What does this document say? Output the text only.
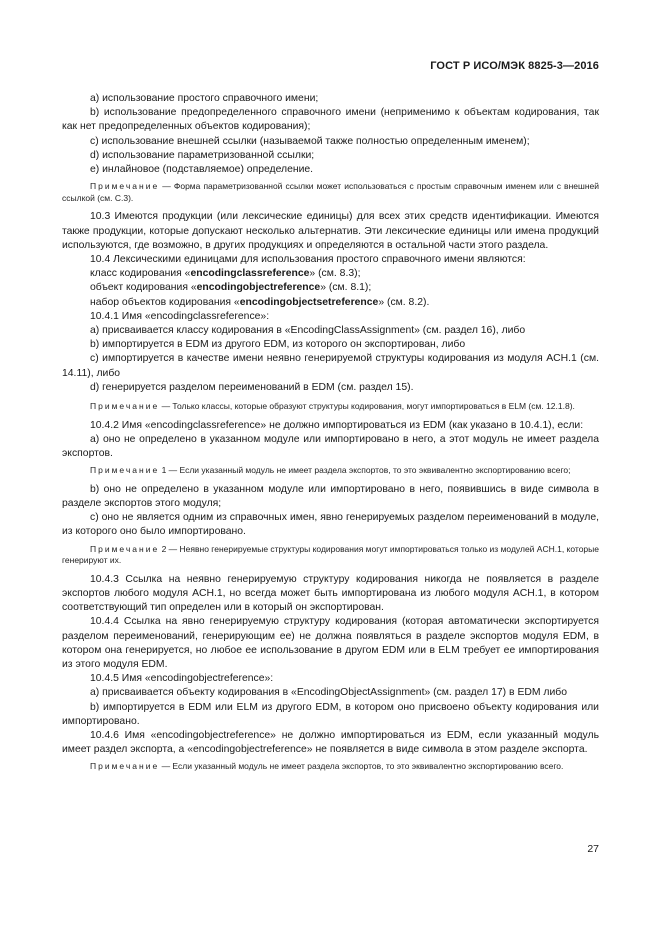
ГОСТ Р ИСО/МЭК 8825-3—2016

a) использование простого справочного имени;

b) использование предопределенного справочного имени (неприменимо к объектам кодирования, так как нет предопределенных объектов кодирования);

c) использование внешней ссылки (называемой также полностью определенным именем);

d) использование параметризованной ссылки;

e) инлайновое (подставляемое) определение.

Примечание — Форма параметризованной ссылки может использоваться с простым справочным именем или с внешней ссылкой (см. С.3).

10.3 Имеются продукции (или лексические единицы) для всех этих средств идентификации. Имеются также продукции, которые допускают несколько альтернатив. Эти лексические единицы или имена продукций используются, где возможно, в других продукциях и определяются в остальной части этого раздела.

10.4 Лексическими единицами для использования простого справочного имени являются:

класс кодирования «encodingclassreference» (см. 8.3);

объект кодирования «encodingobjectreference» (см. 8.1);

набор объектов кодирования «encodingobjectsetreference» (см. 8.2).

10.4.1 Имя «encodingclassreference»:

a) присваивается классу кодирования в «EncodingClassAssignment» (см. раздел 16), либо

b) импортируется в EDM из другого EDM, из которого он экспортирован, либо

c) импортируется в качестве имени неявно генерируемой структуры кодирования из модуля ACH.1 (см. 14.11), либо

d) генерируется разделом переименований в EDM (см. раздел 15).

Примечание — Только классы, которые образуют структуры кодирования, могут импортироваться в ELM (см. 12.1.8).

10.4.2 Имя «encodingclassreference» не должно импортироваться из EDM (как указано в 10.4.1), если:

a) оно не определено в указанном модуле или импортировано в него, а этот модуль не имеет раздела экспортов.

Примечание 1 — Если указанный модуль не имеет раздела экспортов, то это эквивалентно экспортированию всего;

b) оно не определено в указанном модуле или импортировано в него, появившись в виде символа в разделе экспортов этого модуля;

c) оно не является одним из справочных имен, явно генерируемых разделом переименований в модуле, из которого оно было импортировано.

Примечание 2 — Неявно генерируемые структуры кодирования могут импортироваться только из модулей ACH.1, которые генерируют их.

10.4.3 Ссылка на неявно генерируемую структуру кодирования никогда не появляется в разделе экспортов любого модуля ACH.1, но всегда может быть импортирована из любого модуля ACH.1, в котором соответствующий тип определен или в который он экспортирован.

10.4.4 Ссылка на явно генерируемую структуру кодирования (которая автоматически экспортируется разделом переименований, генерирующим ее) не должна появляться в разделе экспортов модуля EDM, в котором она генерируется, но любое ее использование в другом EDM или в ELM требует ее импортирования из этого модуля EDM.

10.4.5 Имя «encodingobjectreference»:

a) присваивается объекту кодирования в «EncodingObjectAssignment» (см. раздел 17) в EDM либо

b) импортируется в EDM или ELM из другого EDM, в котором оно присвоено объекту кодирования или импортировано.

10.4.6 Имя «encodingobjectreference» не должно импортироваться из EDM, если указанный модуль имеет раздел экспорта, а «encodingobjectreference» не появляется в виде символа в этом разделе экспорта.

Примечание — Если указанный модуль не имеет раздела экспортов, то это эквивалентно экспортированию всего.

27
